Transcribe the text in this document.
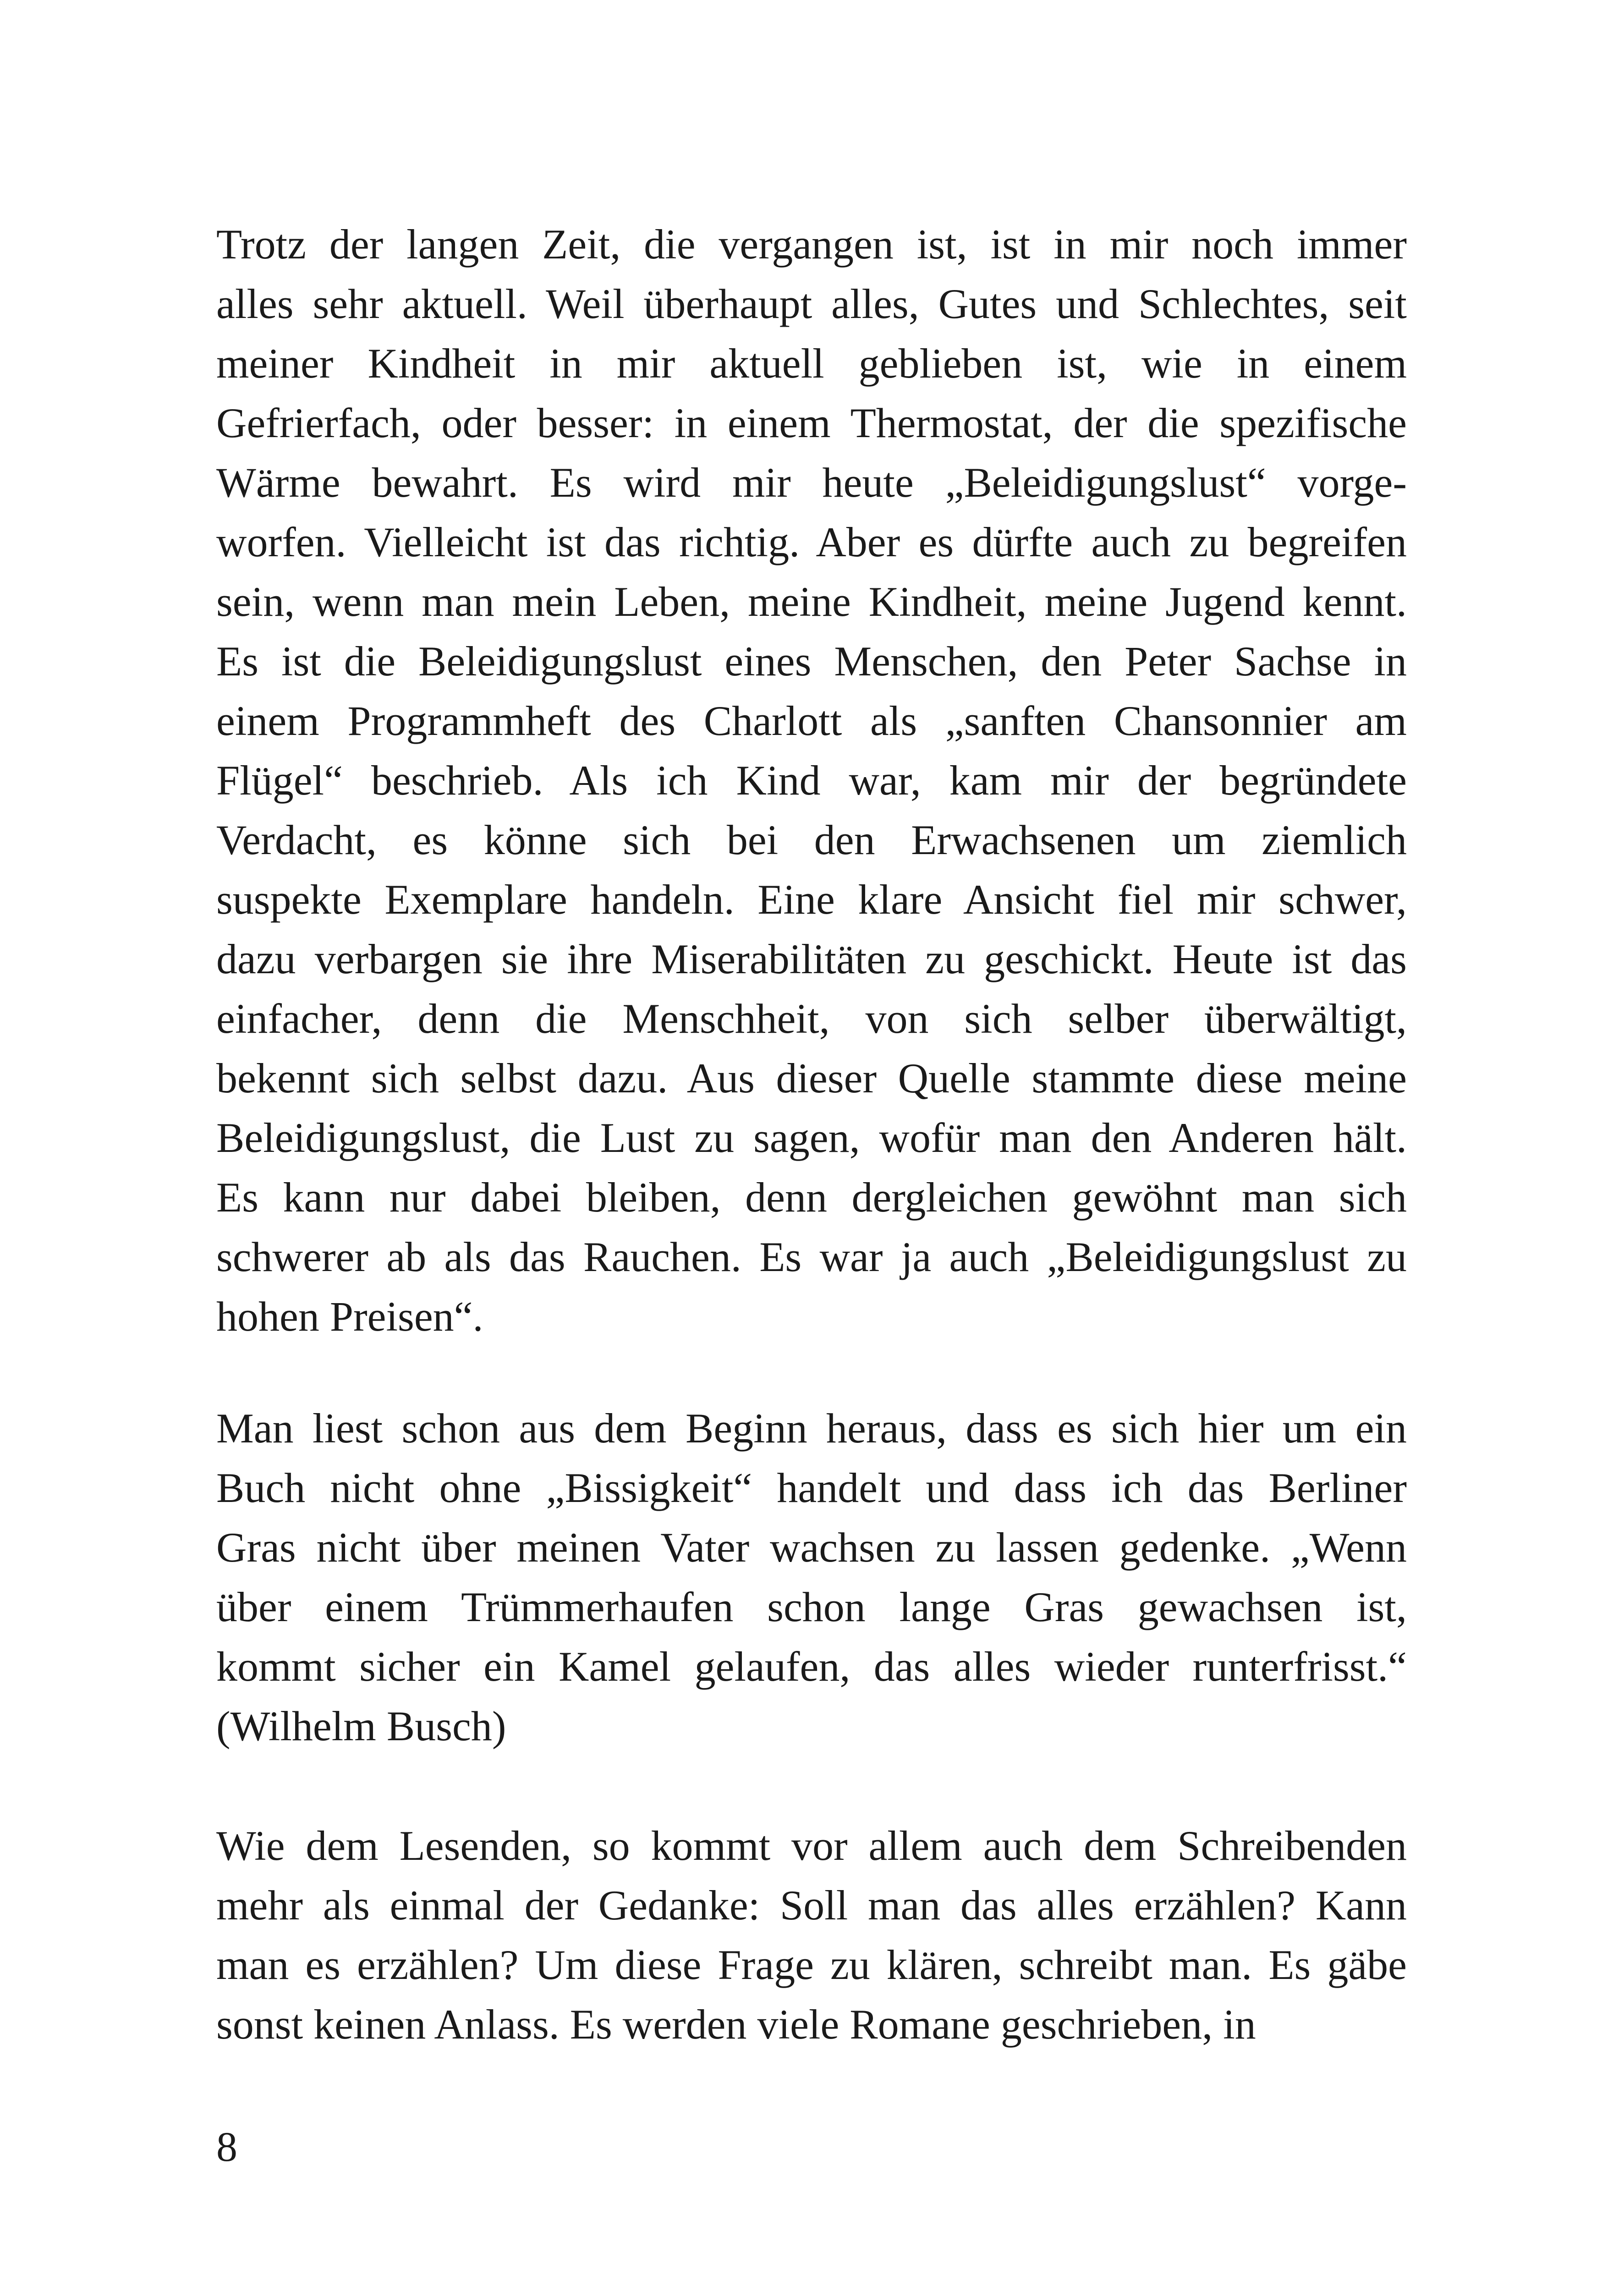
Trotz der langen Zeit, die vergangen ist, ist in mir noch immer
alles sehr aktuell. Weil überhaupt alles, Gutes und Schlechtes, seit
meiner Kindheit in mir aktuell geblieben ist, wie in einem
Gefrierfach, oder besser: in einem Thermostat, der die spezifische
Wärme bewahrt. Es wird mir heute „Beleidigungslust“ vorge-
worfen. Vielleicht ist das richtig. Aber es dürfte auch zu begreifen
sein, wenn man mein Leben, meine Kindheit, meine Jugend kennt.
Es ist die Beleidigungslust eines Menschen, den Peter Sachse in
einem Programmheft des Charlott als „sanften Chansonnier am
Flügel“ beschrieb. Als ich Kind war, kam mir der begründete
Verdacht, es könne sich bei den Erwachsenen um ziemlich
suspekte Exemplare handeln. Eine klare Ansicht fiel mir schwer,
dazu verbargen sie ihre Miserabilitäten zu geschickt. Heute ist das
einfacher, denn die Menschheit, von sich selber überwältigt,
bekennt sich selbst dazu. Aus dieser Quelle stammte diese meine
Beleidigungslust, die Lust zu sagen, wofür man den Anderen hält.
Es kann nur dabei bleiben, denn dergleichen gewöhnt man sich
schwerer ab als das Rauchen. Es war ja auch „Beleidigungslust zu
hohen Preisen“.
Man liest schon aus dem Beginn heraus, dass es sich hier um ein
Buch nicht ohne „Bissigkeit“ handelt und dass ich das Berliner
Gras nicht über meinen Vater wachsen zu lassen gedenke. „Wenn
über einem Trümmerhaufen schon lange Gras gewachsen ist,
kommt sicher ein Kamel gelaufen, das alles wieder runterfrisst.“
(Wilhelm Busch)
Wie dem Lesenden, so kommt vor allem auch dem Schreibenden
mehr als einmal der Gedanke: Soll man das alles erzählen? Kann
man es erzählen? Um diese Frage zu klären, schreibt man. Es gäbe
sonst keinen Anlass. Es werden viele Romane geschrieben, in
8
